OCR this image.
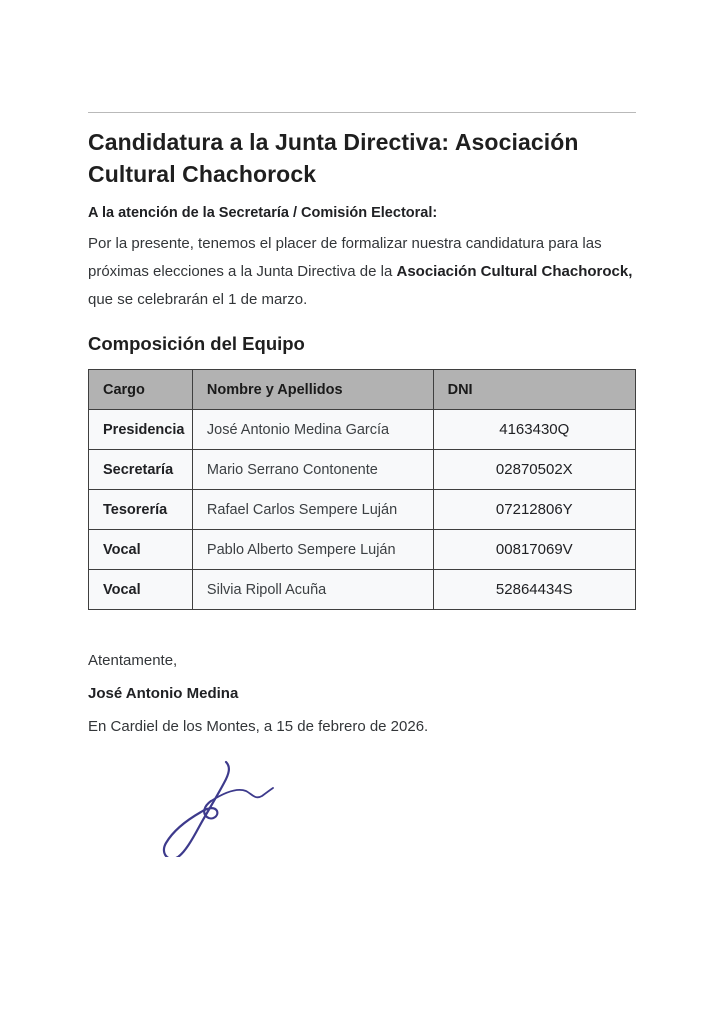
Candidatura a la Junta Directiva: Asociación Cultural Chachorock

A la atención de la Secretaría / Comisión Electoral:

Por la presente, tenemos el placer de formalizar nuestra candidatura para las próximas elecciones a la Junta Directiva de la Asociación Cultural Chachorock, que se celebrarán el 1 de marzo.

Composición del Equipo
Cargo	Nombre y Apellidos	DNI
Presidencia	José Antonio Medina García	4163430Q
Secretaría	Mario Serrano Contonente	02870502X
Tesorería	Rafael Carlos Sempere Luján	07212806Y
Vocal	Pablo Alberto Sempere Luján	00817069V
Vocal	Silvia Ripoll Acuña	52864434S

Atentamente,

José Antonio Medina

En Cardiel de los Montes, a 15 de febrero de 2026.
